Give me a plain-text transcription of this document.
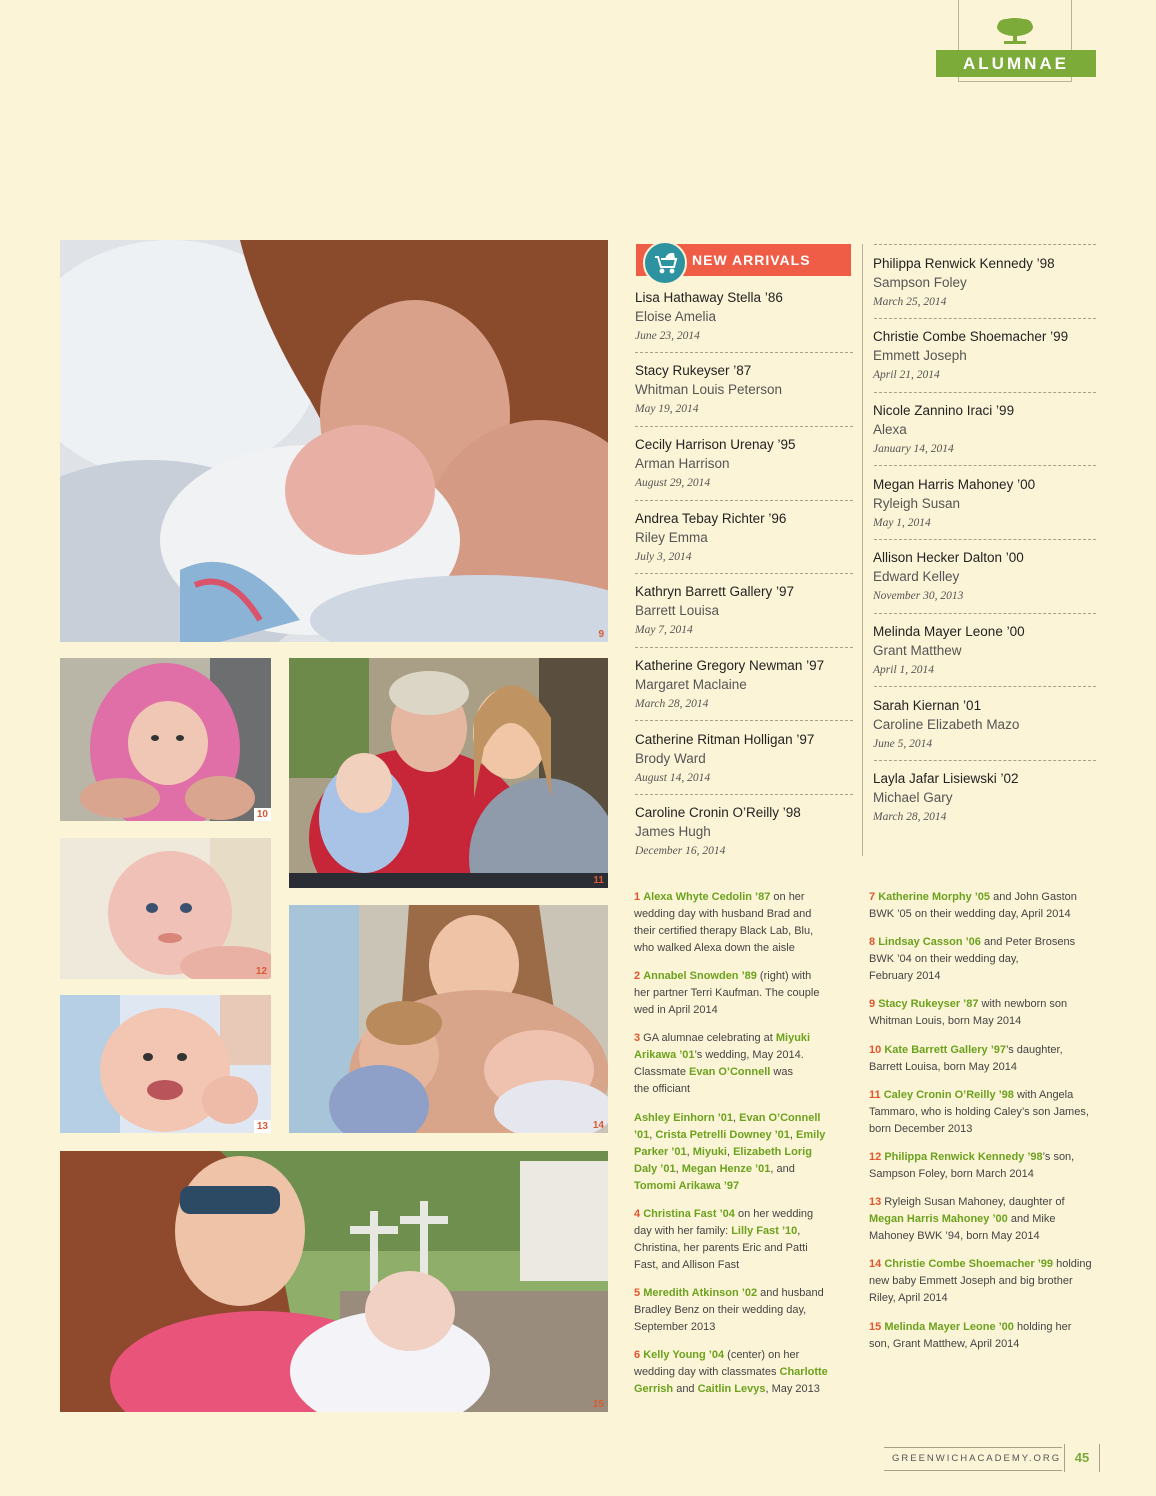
ALUMNAE
9
10
11
12
13	14
15
NEW ARRIVALS
Lisa Hathaway Stella ’86
Eloise Amelia
June 23, 2014
Stacy Rukeyser ’87
Whitman Louis Peterson
May 19, 2014
Cecily Harrison Urenay ’95
Arman Harrison
August 29, 2014
Andrea Tebay Richter ’96
Riley Emma
July 3, 2014
Kathryn Barrett Gallery ’97
Barrett Louisa
May 7, 2014
Katherine Gregory Newman ’97
Margaret Maclaine
March 28, 2014
Catherine Ritman Holligan ’97
Brody Ward
August 14, 2014
Caroline Cronin O’Reilly ’98
James Hugh
December 16, 2014
Philippa Renwick Kennedy ’98
Sampson Foley
March 25, 2014
Christie Combe Shoemacher ’99
Emmett Joseph
April 21, 2014
Nicole Zannino Iraci ’99
Alexa
January 14, 2014
Megan Harris Mahoney ’00
Ryleigh Susan
May 1, 2014
Allison Hecker Dalton ’00
Edward Kelley
November 30, 2013
Melinda Mayer Leone ’00
Grant Matthew
April 1, 2014
Sarah Kiernan ’01
Caroline Elizabeth Mazo
June 5, 2014
Layla Jafar Lisiewski ’02
Michael Gary
March 28, 2014
1 Alexa Whyte Cedolin ’87 on her
wedding day with husband Brad and
their certified therapy Black Lab, Blu,
who walked Alexa down the aisle
2 Annabel Snowden ’89 (right) with
her partner Terri Kaufman. The couple
wed in April 2014
3 GA alumnae celebrating at Miyuki
Arikawa ’01’s wedding, May 2014.
Classmate Evan O’Connell was
the officiant
Ashley Einhorn ’01, Evan O’Connell
’01, Crista Petrelli Downey ’01, Emily
Parker ’01, Miyuki, Elizabeth Lorig
Daly ’01, Megan Henze ’01, and
Tomomi Arikawa ’97
4 Christina Fast ’04 on her wedding
day with her family: Lilly Fast ’10,
Christina, her parents Eric and Patti
Fast, and Allison Fast
5 Meredith Atkinson ’02 and husband
Bradley Benz on their wedding day,
September 2013
6 Kelly Young ’04 (center) on her
wedding day with classmates Charlotte
Gerrish and Caitlin Levys, May 2013
7 Katherine Morphy ’05 and John Gaston
BWK ’05 on their wedding day, April 2014
8 Lindsay Casson ’06 and Peter Brosens
BWK ’04 on their wedding day,
February 2014
9 Stacy Rukeyser ’87 with newborn son
Whitman Louis, born May 2014
10 Kate Barrett Gallery ’97’s daughter,
Barrett Louisa, born May 2014
11 Caley Cronin O’Reilly ’98 with Angela
Tammaro, who is holding Caley’s son James,
born December 2013
12 Philippa Renwick Kennedy ’98’s son,
Sampson Foley, born March 2014
13 Ryleigh Susan Mahoney, daughter of
Megan Harris Mahoney ’00 and Mike
Mahoney BWK ’94, born May 2014
14 Christie Combe Shoemacher ’99 holding
new baby Emmett Joseph and big brother
Riley, April 2014
15 Melinda Mayer Leone ’00 holding her
son, Grant Matthew, April 2014
GREENWICHACADEMY.ORG	45
